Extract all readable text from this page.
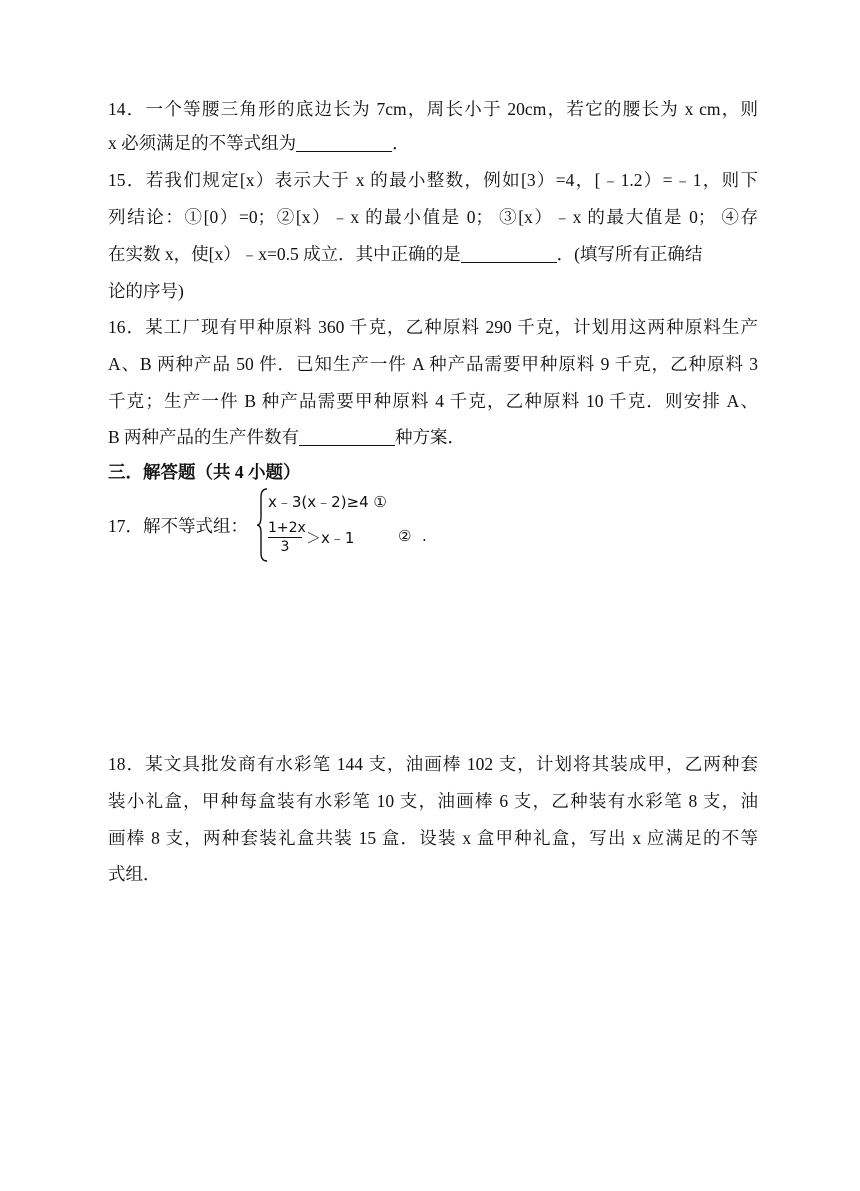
14．一个等腰三角形的底边长为 7cm，周长小于 20cm，若它的腰长为 x cm，则
x 必须满足的不等式组为	．
15．若我们规定[x）表示大于 x 的最小整数，例如[3）=4，[﹣1.2）=﹣1，则下
列结论：①[0）=0；②[x）﹣x 的最小值是 0； ③[x）﹣x 的最大值是 0； ④存
在实数 x，使[x）﹣x=0.5 成立．其中正确的是	．(填写所有正确结
论的序号)
16．某工厂现有甲种原料 360 千克，乙种原料 290 千克，计划用这两种原料生产
A、B 两种产品 50 件．已知生产一件 A 种产品需要甲种原料 9 千克，乙种原料 3
千克；生产一件 B 种产品需要甲种原料 4 千克，乙种原料 10 千克．则安排 A、
B 两种产品的生产件数有	种方案．
三．解答题（共 4 小题）
17．解不等式组：
x﹣3(x﹣2)≥4 ①
$\frac{1+2x}{3}$ ＞x﹣1	② .
18．某文具批发商有水彩笔 144 支，油画棒 102 支，计划将其装成甲，乙两种套
装小礼盒，甲种每盒装有水彩笔 10 支，油画棒 6 支，乙种装有水彩笔 8 支，油
画棒 8 支，两种套装礼盒共装 15 盒．设装 x 盒甲种礼盒，写出 x 应满足的不等
式组．
